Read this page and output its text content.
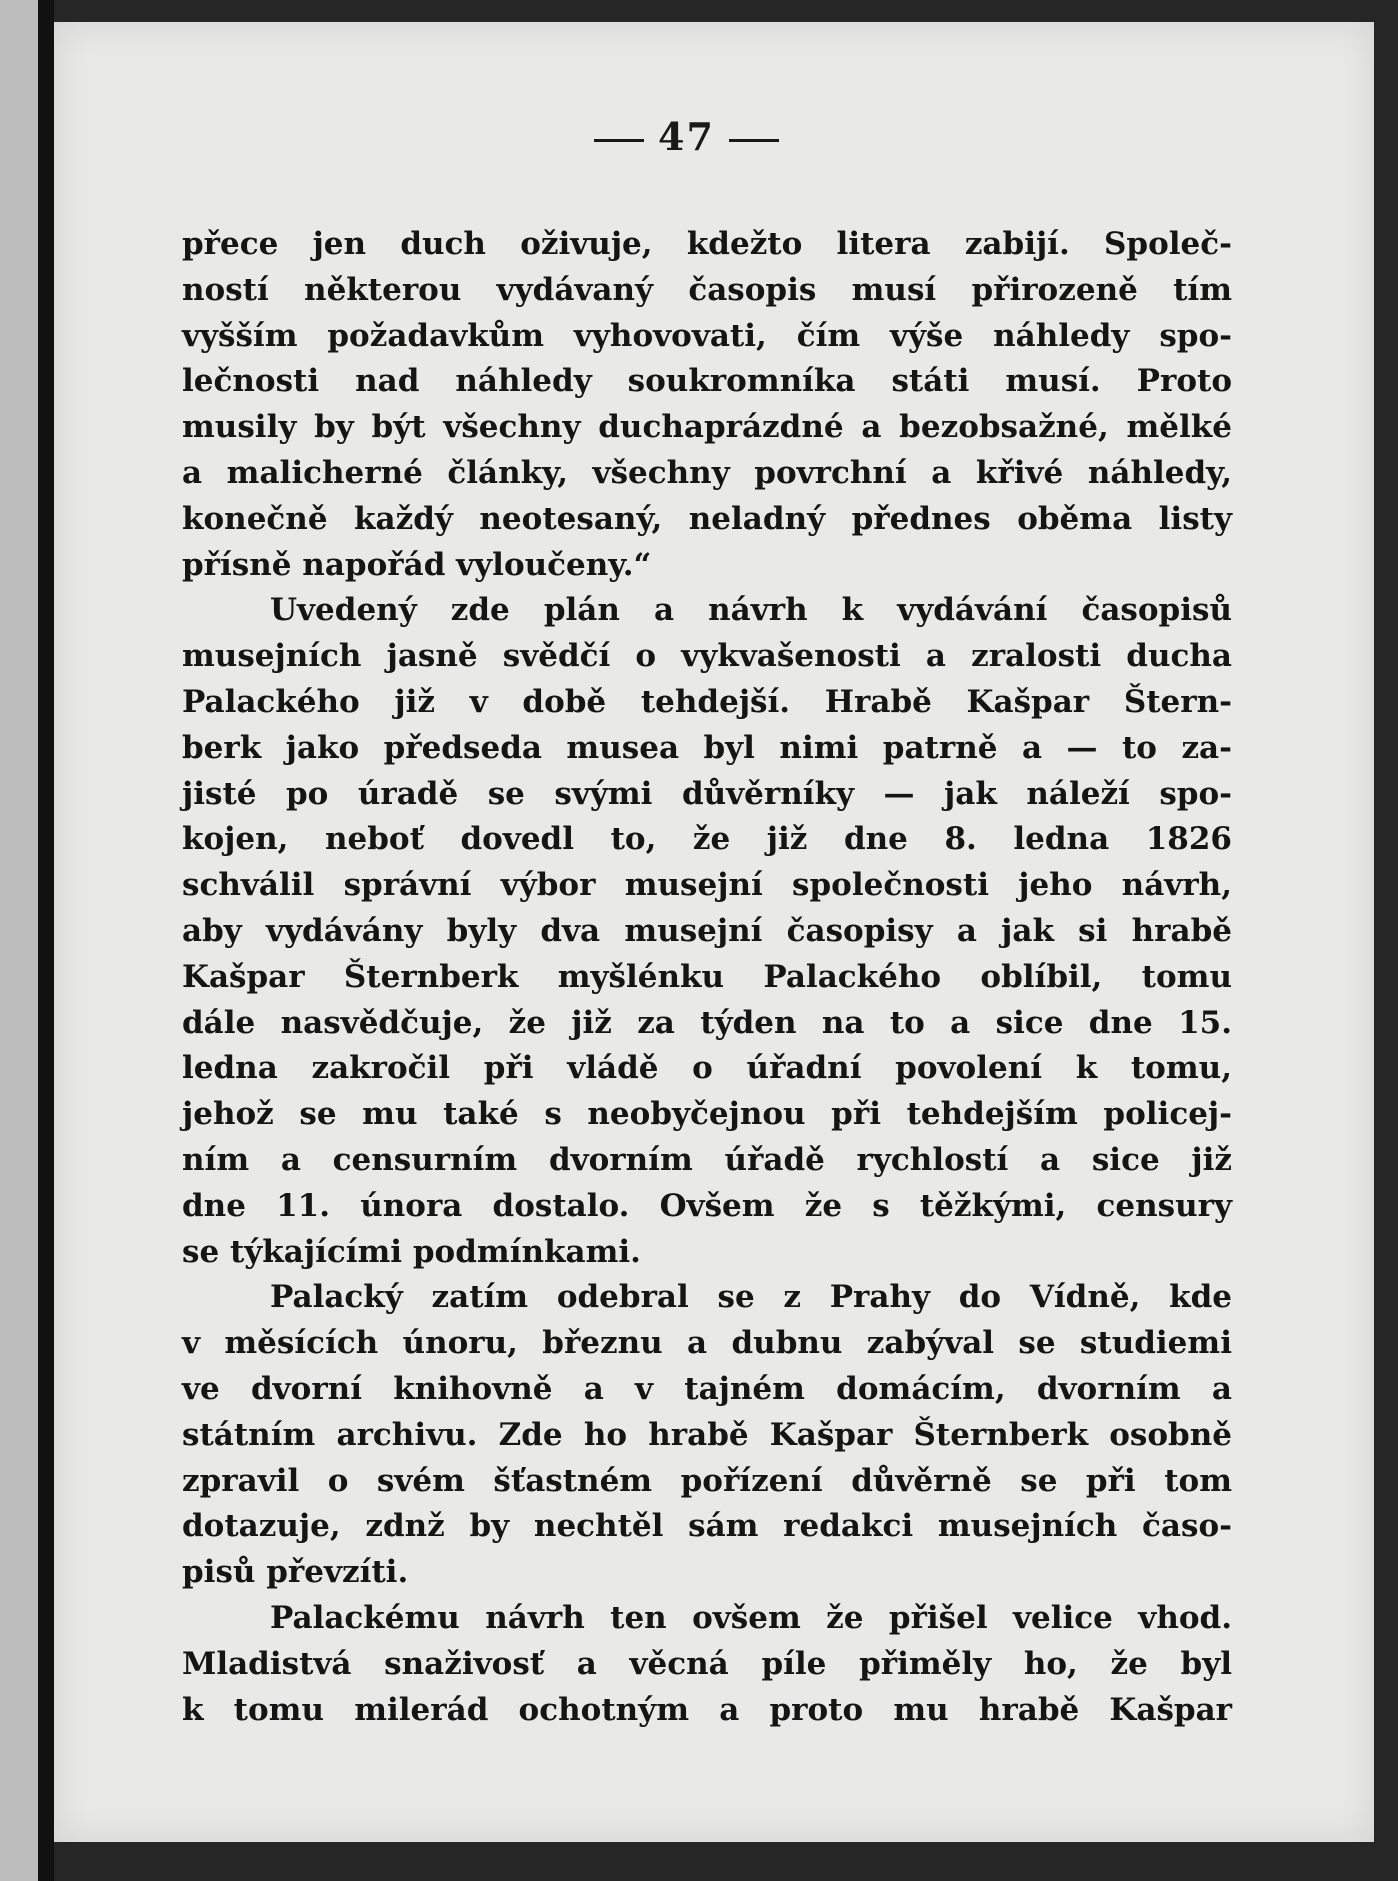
47
přece jen duch oživuje, kdežto litera zabijí. Společ-
ností některou vydávaný časopis musí přirozeně tím
vyšším požadavkům vyhovovati, čím výše náhledy spo-
lečnosti nad náhledy soukromníka státi musí. Proto
musily by být všechny duchaprázdné a bezobsažné, mělké
a malicherné články, všechny povrchní a křivé náhledy,
konečně každý neotesaný, neladný přednes oběma listy
přísně napořád vyloučeny.“
Uvedený zde plán a návrh k vydávání časopisů
musejních jasně svědčí o vykvašenosti a zralosti ducha
Palackého již v době tehdejší. Hrabě Kašpar Štern-
berk jako předseda musea byl nimi patrně a — to za-
jisté po úradě se svými důvěrníky — jak náleží spo-
kojen, neboť dovedl to, že již dne 8. ledna 1826
schválil správní výbor musejní společnosti jeho návrh,
aby vydávány byly dva musejní časopisy a jak si hrabě
Kašpar Šternberk myšlénku Palackého oblíbil, tomu
dále nasvědčuje, že již za týden na to a sice dne 15.
ledna zakročil při vládě o úřadní povolení k tomu,
jehož se mu také s neobyčejnou při tehdejším policej-
ním a censurním dvorním úřadě rychlostí a sice již
dne 11. února dostalo. Ovšem že s těžkými, censury
se týkajícími podmínkami.
Palacký zatím odebral se z Prahy do Vídně, kde
v měsících únoru, březnu a dubnu zabýval se studiemi
ve dvorní knihovně a v tajném domácím, dvorním a
státním archivu. Zde ho hrabě Kašpar Šternberk osobně
zpravil o svém šťastném pořízení důvěrně se při tom
dotazuje, zdnž by nechtěl sám redakci musejních časo-
pisů převzíti.
Palackému návrh ten ovšem že přišel velice vhod.
Mladistvá snaživosť a věcná píle přiměly ho, že byl
k tomu milerád ochotným a proto mu hrabě Kašpar
